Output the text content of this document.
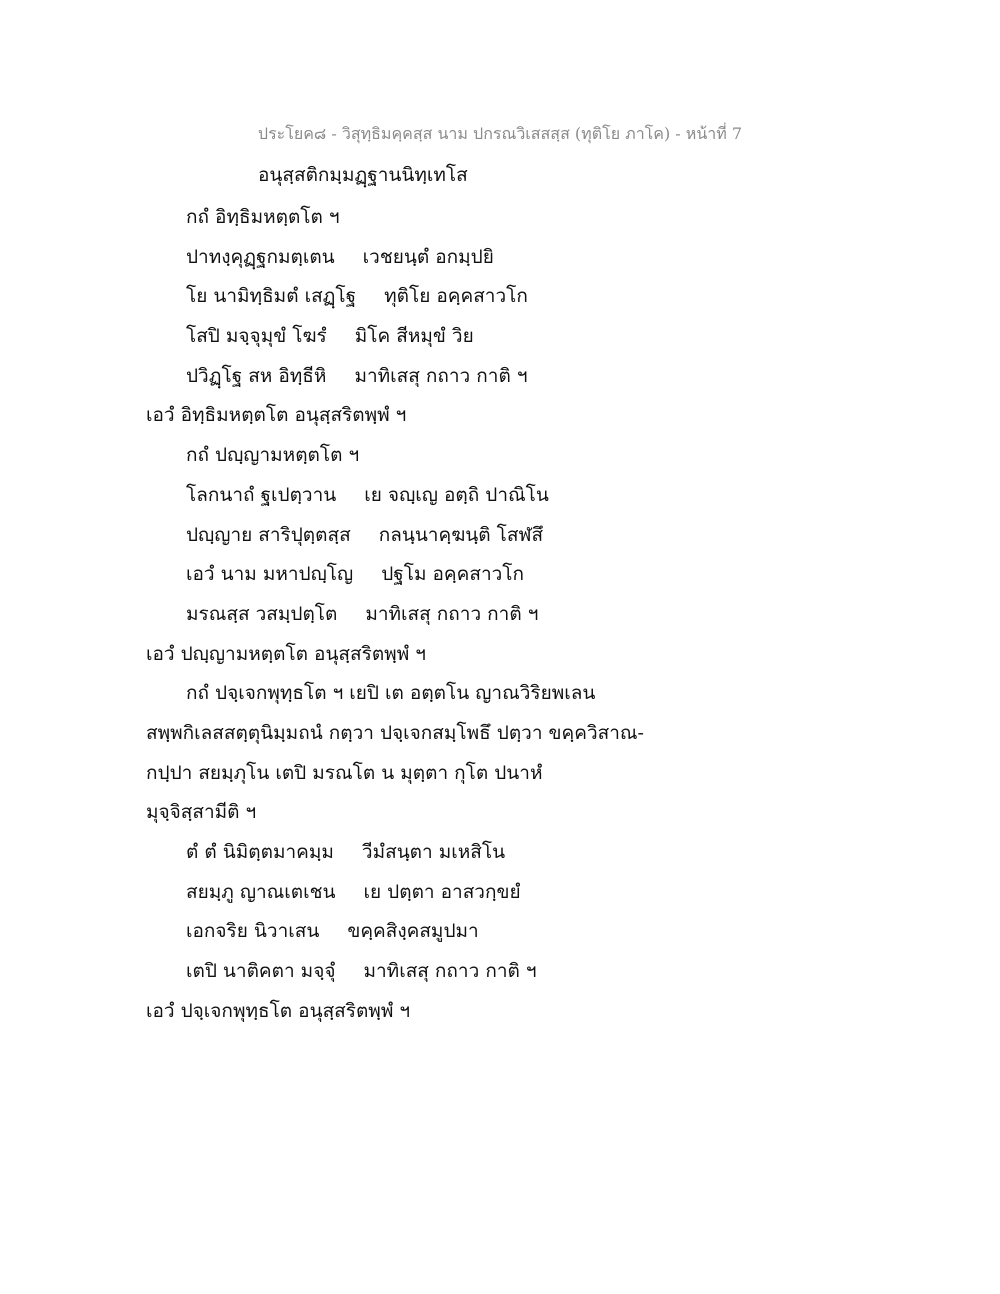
ประโยค๘ - วิสุทฺธิมคฺคสฺส นาม ปกรณวิเสสสฺส (ทุติโย ภาโค) - หน้าที่ 7
อนุสฺสติกมฺมฏฺฐานนิทฺเทโส
กถํ อิทฺธิมหตฺตโต ฯ
ปาทงฺคุฏฺฐกมตฺเตน เวชยนฺตํ อกมฺปยิ
โย นามิทฺธิมตํ เสฏฺโฐ ทุติโย อคฺคสาวโก
โสปิ มจฺจุมุขํ โฆรํ มิโค สีหมุขํ วิย
ปวิฏฺโฐ สห อิทฺธีหิ มาทิเสสุ กถาว กาติ ฯ
เอวํ อิทฺธิมหตฺตโต อนุสฺสริตพฺพํ ฯ
กถํ ปญฺญามหตฺตโต ฯ
โลกนาถํ ฐเปตฺวาน เย จญฺเญ อตฺถิ ปาณิโน
ปญฺญาย สาริปุตฺตสฺส กลนฺนาคฺฆนฺติ โสฬสึ
เอวํ นาม มหาปญฺโญ ปฐโม อคฺคสาวโก
มรณสฺส วสมฺปตฺโต มาทิเสสุ กถาว กาติ ฯ
เอวํ ปญฺญามหตฺตโต อนุสฺสริตพฺพํ ฯ
กถํ ปจฺเจกพุทฺธโต ฯ เยปิ เต อตฺตโน ญาณวิริยพเลน
สพฺพกิเลสสตฺตุนิมฺมถนํ กตฺวา ปจฺเจกสมฺโพธึ ปตฺวา ขคฺควิสาณ-
กปฺปา สยมฺภุโน เตปิ มรณโต น มุตฺตา กุโต ปนาหํ
มุจฺจิสฺสามีติ ฯ
ตํ ตํ นิมิตฺตมาคมฺม วีมํสนฺตา มเหสิโน
สยมฺภู ญาณเตเชน เย ปตฺตา อาสวกฺขยํ
เอกจริย นิวาเสน ขคฺคสิงฺคสมูปมา
เตปิ นาติคตา มจฺจุํ มาทิเสสุ กถาว กาติ ฯ
เอวํ ปจฺเจกพุทฺธโต อนุสฺสริตพฺพํ ฯ
